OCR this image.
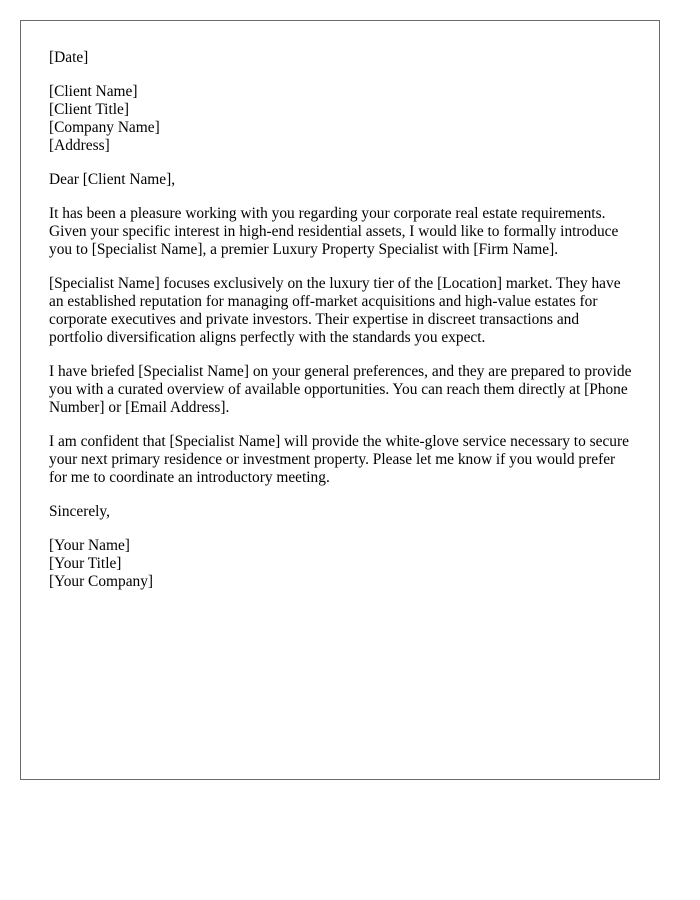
[Date]
[Client Name]
[Client Title]
[Company Name]
[Address]
Dear [Client Name],

It has been a pleasure working with you regarding your corporate real estate requirements. Given your specific interest in high-end residential assets, I would like to formally introduce you to [Specialist Name], a premier Luxury Property Specialist with [Firm Name].

[Specialist Name] focuses exclusively on the luxury tier of the [Location] market. They have an established reputation for managing off-market acquisitions and high-value estates for corporate executives and private investors. Their expertise in discreet transactions and portfolio diversification aligns perfectly with the standards you expect.

I have briefed [Specialist Name] on your general preferences, and they are prepared to provide you with a curated overview of available opportunities. You can reach them directly at [Phone Number] or [Email Address].

I am confident that [Specialist Name] will provide the white-glove service necessary to secure your next primary residence or investment property. Please let me know if you would prefer for me to coordinate an introductory meeting.

Sincerely,
[Your Name]
[Your Title]
[Your Company]
